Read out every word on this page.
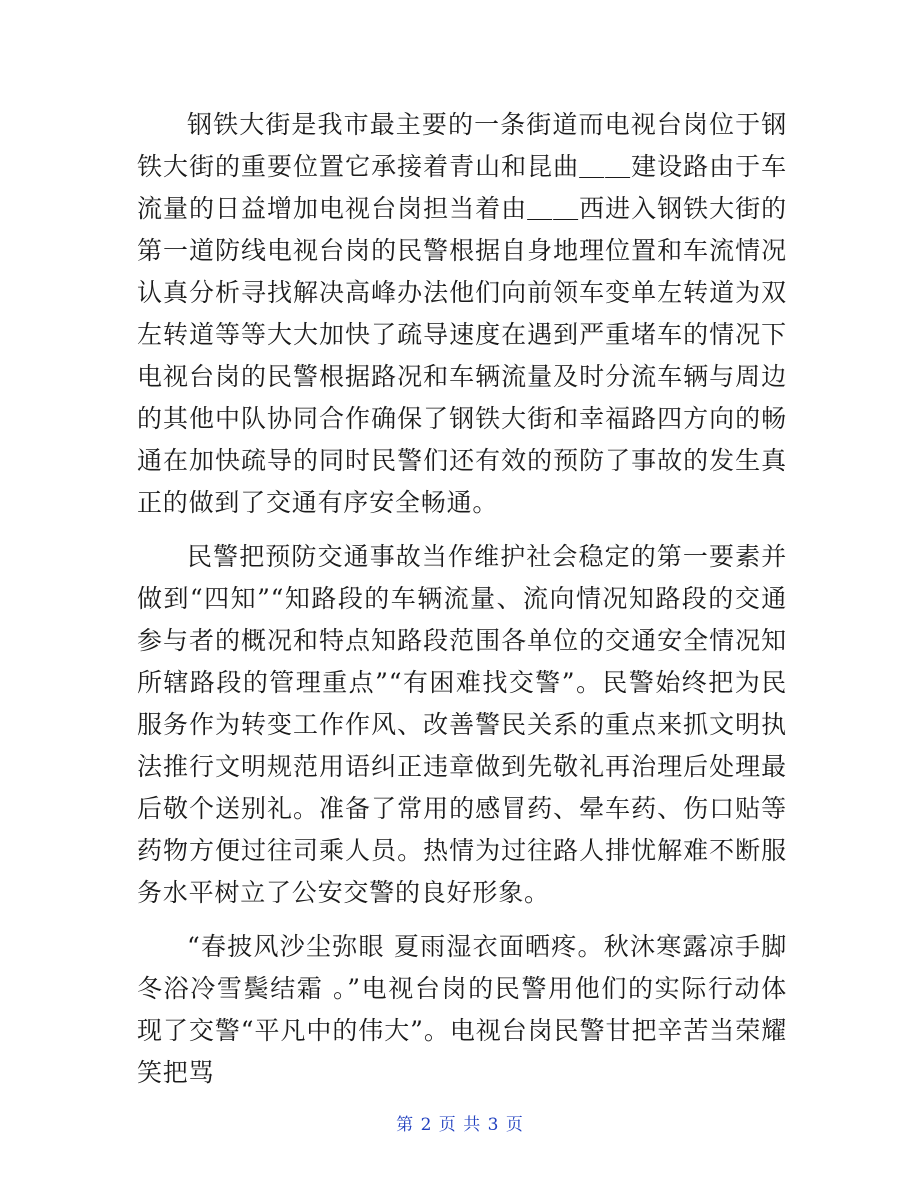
钢铁大街是我市最主要的一条街道而电视台岗位于钢铁大街的重要位置它承接着青山和昆曲＿＿建设路由于车流量的日益增加电视台岗担当着由＿＿西进入钢铁大街的第一道防线电视台岗的民警根据自身地理位置和车流情况认真分析寻找解决高峰办法他们向前领车变单左转道为双左转道等等大大加快了疏导速度在遇到严重堵车的情况下电视台岗的民警根据路况和车辆流量及时分流车辆与周边的其他中队协同合作确保了钢铁大街和幸福路四方向的畅通在加快疏导的同时民警们还有效的预防了事故的发生真正的做到了交通有序安全畅通。

民警把预防交通事故当作维护社会稳定的第一要素并做到“四知”“知路段的车辆流量、流向情况知路段的交通参与者的概况和特点知路段范围各单位的交通安全情况知所辖路段的管理重点”“有困难找交警”。民警始终把为民服务作为转变工作作风、改善警民关系的重点来抓文明执法推行文明规范用语纠正违章做到先敬礼再治理后处理最后敬个送别礼。准备了常用的感冒药、晕车药、伤口贴等药物方便过往司乘人员。热情为过往路人排忧解难不断服务水平树立了公安交警的良好形象。

“春披风沙尘弥眼 夏雨湿衣面晒疼。秋沐寒露凉手脚冬浴冷雪鬓结霜 。”电视台岗的民警用他们的实际行动体现了交警“平凡中的伟大”。电视台岗民警甘把辛苦当荣耀笑把骂

第 2 页 共 3 页
